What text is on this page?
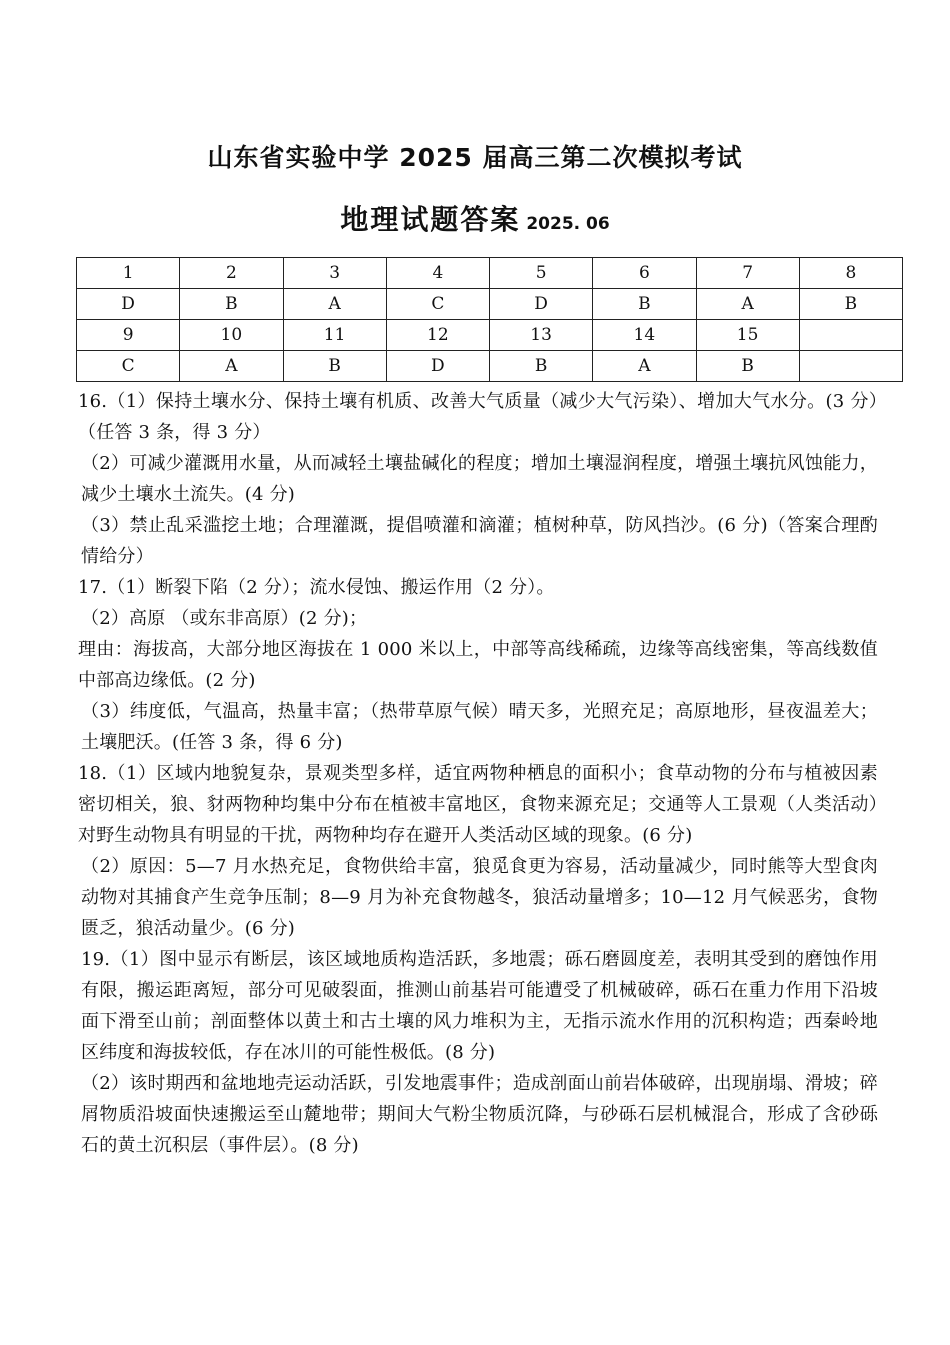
山东省实验中学 2025 届高三第二次模拟考试
地理试题答案 2025. 06
1	2	3	4	5	6	7	8
D	B	A	C	D	B	A	B
9	10	11	12	13	14	15	
C	A	B	D	B	A	B	

16.（1）保持土壤水分、保持土壤有机质、改善大气质量（减少大气污染）、增加大气水分。(3 分）（任答 3 条，得 3 分）

（2）可减少灌溉用水量，从而减轻土壤盐碱化的程度；增加土壤湿润程度，增强土壤抗风蚀能力，减少土壤水土流失。(4 分)

（3）禁止乱采滥挖土地；合理灌溉，提倡喷灌和滴灌；植树种草，防风挡沙。(6 分)（答案合理酌情给分）

17.（1）断裂下陷（2 分）；流水侵蚀、搬运作用（2 分）。

（2）高原 （或东非高原）(2 分)；

理由：海拔高，大部分地区海拔在 1 000 米以上，中部等高线稀疏，边缘等高线密集，等高线数值中部高边缘低。(2 分)

（3）纬度低，气温高，热量丰富；（热带草原气候）晴天多，光照充足；高原地形，昼夜温差大；土壤肥沃。(任答 3 条，得 6 分)

18.（1）区域内地貌复杂，景观类型多样，适宜两物种栖息的面积小；食草动物的分布与植被因素密切相关，狼、豺两物种均集中分布在植被丰富地区，食物来源充足；交通等人工景观（人类活动）对野生动物具有明显的干扰，两物种均存在避开人类活动区域的现象。(6 分)

（2）原因：5—7 月水热充足，食物供给丰富，狼觅食更为容易，活动量减少，同时熊等大型食肉动物对其捕食产生竞争压制；8—9 月为补充食物越冬，狼活动量增多；10—12 月气候恶劣，食物匮乏，狼活动量少。(6 分)

19.（1）图中显示有断层，该区域地质构造活跃，多地震；砾石磨圆度差，表明其受到的磨蚀作用有限，搬运距离短，部分可见破裂面，推测山前基岩可能遭受了机械破碎，砾石在重力作用下沿坡面下滑至山前；剖面整体以黄土和古土壤的风力堆积为主，无指示流水作用的沉积构造；西秦岭地区纬度和海拔较低，存在冰川的可能性极低。(8 分)

（2）该时期西和盆地地壳运动活跃，引发地震事件；造成剖面山前岩体破碎，出现崩塌、滑坡；碎屑物质沿坡面快速搬运至山麓地带；期间大气粉尘物质沉降，与砂砾石层机械混合，形成了含砂砾石的黄土沉积层（事件层）。(8 分)
